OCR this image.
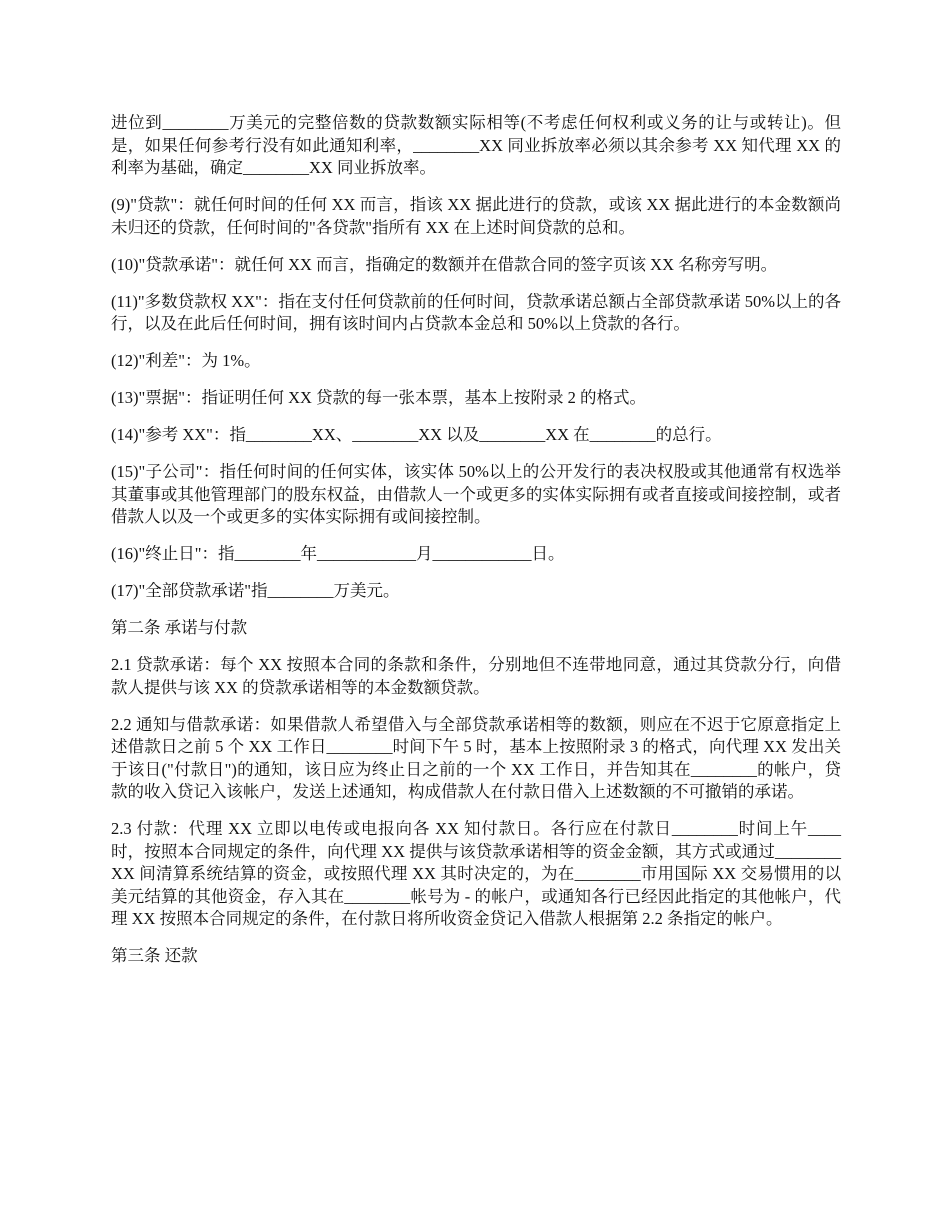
进位到________万美元的完整倍数的贷款数额实际相等(不考虑任何权利或义务的让与或转让)。但是，如果任何参考行没有如此通知利率，________XX 同业拆放率必须以其余参考 XX 知代理 XX 的利率为基础，确定________XX 同业拆放率。

(9)"贷款"：就任何时间的任何 XX 而言，指该 XX 据此进行的贷款，或该 XX 据此进行的本金数额尚未归还的贷款，任何时间的"各贷款"指所有 XX 在上述时间贷款的总和。

(10)"贷款承诺"：就任何 XX 而言，指确定的数额并在借款合同的签字页该 XX 名称旁写明。

(11)"多数贷款权 XX"：指在支付任何贷款前的任何时间，贷款承诺总额占全部贷款承诺 50%以上的各行，以及在此后任何时间，拥有该时间内占贷款本金总和 50%以上贷款的各行。

(12)"利差"：为 1%。

(13)"票据"：指证明任何 XX 贷款的每一张本票，基本上按附录 2 的格式。

(14)"参考 XX"：指________XX、________XX 以及________XX 在________的总行。

(15)"子公司"：指任何时间的任何实体，该实体 50%以上的公开发行的表决权股或其他通常有权选举其董事或其他管理部门的股东权益，由借款人一个或更多的实体实际拥有或者直接或间接控制，或者借款人以及一个或更多的实体实际拥有或间接控制。

(16)"终止日"：指________年____________月____________日。

(17)"全部贷款承诺"指________万美元。

第二条 承诺与付款

2.1 贷款承诺：每个 XX 按照本合同的条款和条件，分别地但不连带地同意，通过其贷款分行，向借款人提供与该 XX 的贷款承诺相等的本金数额贷款。

2.2 通知与借款承诺：如果借款人希望借入与全部贷款承诺相等的数额，则应在不迟于它原意指定上述借款日之前 5 个 XX 工作日________时间下午 5 时，基本上按照附录 3 的格式，向代理 XX 发出关于该日("付款日")的通知，该日应为终止日之前的一个 XX 工作日，并告知其在________的帐户，贷款的收入贷记入该帐户，发送上述通知，构成借款人在付款日借入上述数额的不可撤销的承诺。

2.3 付款：代理 XX 立即以电传或电报向各 XX 知付款日。各行应在付款日________时间上午____ 时，按照本合同规定的条件，向代理 XX 提供与该贷款承诺相等的资金金额，其方式或通过________XX 间清算系统结算的资金，或按照代理 XX 其时决定的，为在________市用国际 XX 交易惯用的以美元结算的其他资金，存入其在________帐号为 - 的帐户，或通知各行已经因此指定的其他帐户，代理 XX 按照本合同规定的条件，在付款日将所收资金贷记入借款人根据第 2.2 条指定的帐户。

第三条 还款
